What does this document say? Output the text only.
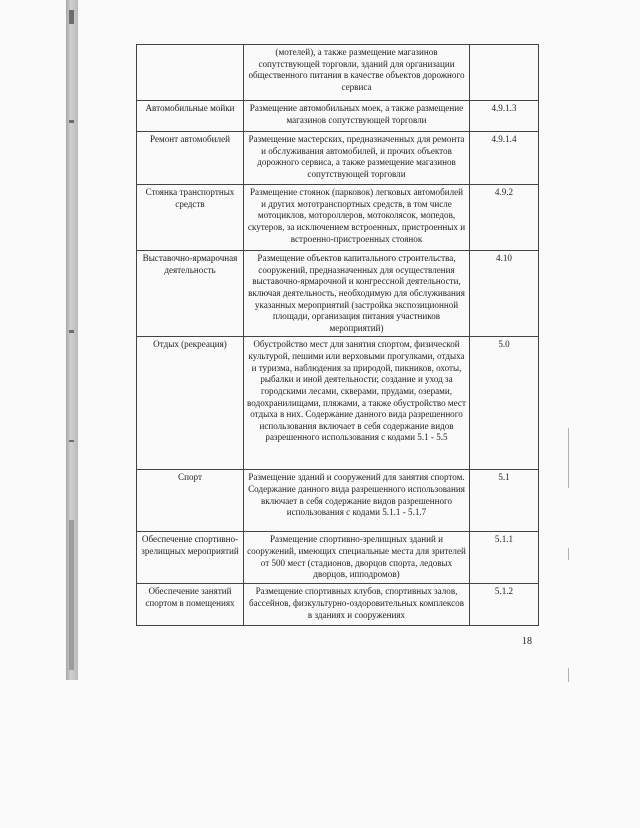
	(мотелей), а также размещение магазинов сопутствующей торговли, зданий для организации общественного питания в качестве объектов дорожного сервиса	
Автомобильные мойки	Размещение автомобильных моек, а также размещение магазинов сопутствующей торговли	4.9.1.3
Ремонт автомобилей	Размещение мастерских, предназначенных для ремонта и обслуживания автомобилей, и прочих объектов дорожного сервиса, а также размещение магазинов сопутствующей торговли	4.9.1.4
Стоянка транспортных средств	Размещение стоянок (парковок) легковых автомобилей и других мототранспортных средств, в том числе мотоциклов, мотороллеров, мотоколясок, мопедов, скутеров, за исключением встроенных, пристроенных и встроенно-пристроенных стоянок	4.9.2
Выставочно-ярмарочная деятельность	Размещение объектов капитального строительства, сооружений, предназначенных для осуществления выставочно-ярмарочной и конгрессной деятельности, включая деятельность, необходимую для обслуживания указанных мероприятий (застройка экспозиционной площади, организация питания участников мероприятий)	4.10
Отдых (рекреация)	Обустройство мест для занятия спортом, физической культурой, пешими или верховыми прогулками, отдыха и туризма, наблюдения за природой, пикников, охоты, рыбалки и иной деятельности; создание и уход за городскими лесами, скверами, прудами, озерами, водохранилищами, пляжами, а также обустройство мест отдыха в них. Содержание данного вида разрешенного использования включает в себя содержание видов разрешенного использования с кодами 5.1 - 5.5	5.0
Спорт	Размещение зданий и сооружений для занятия спортом. Содержание данного вида разрешенного использования включает в себя содержание видов разрешенного использования с кодами 5.1.1 - 5.1.7	5.1
Обеспечение спортивно-зрелищных мероприятий	Размещение спортивно-зрелищных зданий и сооружений, имеющих специальные места для зрителей от 500 мест (стадионов, дворцов спорта, ледовых дворцов, ипподромов)	5.1.1
Обеспечение занятий спортом в помещениях	Размещение спортивных клубов, спортивных залов, бассейнов, физкультурно-оздоровительных комплексов в зданиях и сооружениях	5.1.2
18
